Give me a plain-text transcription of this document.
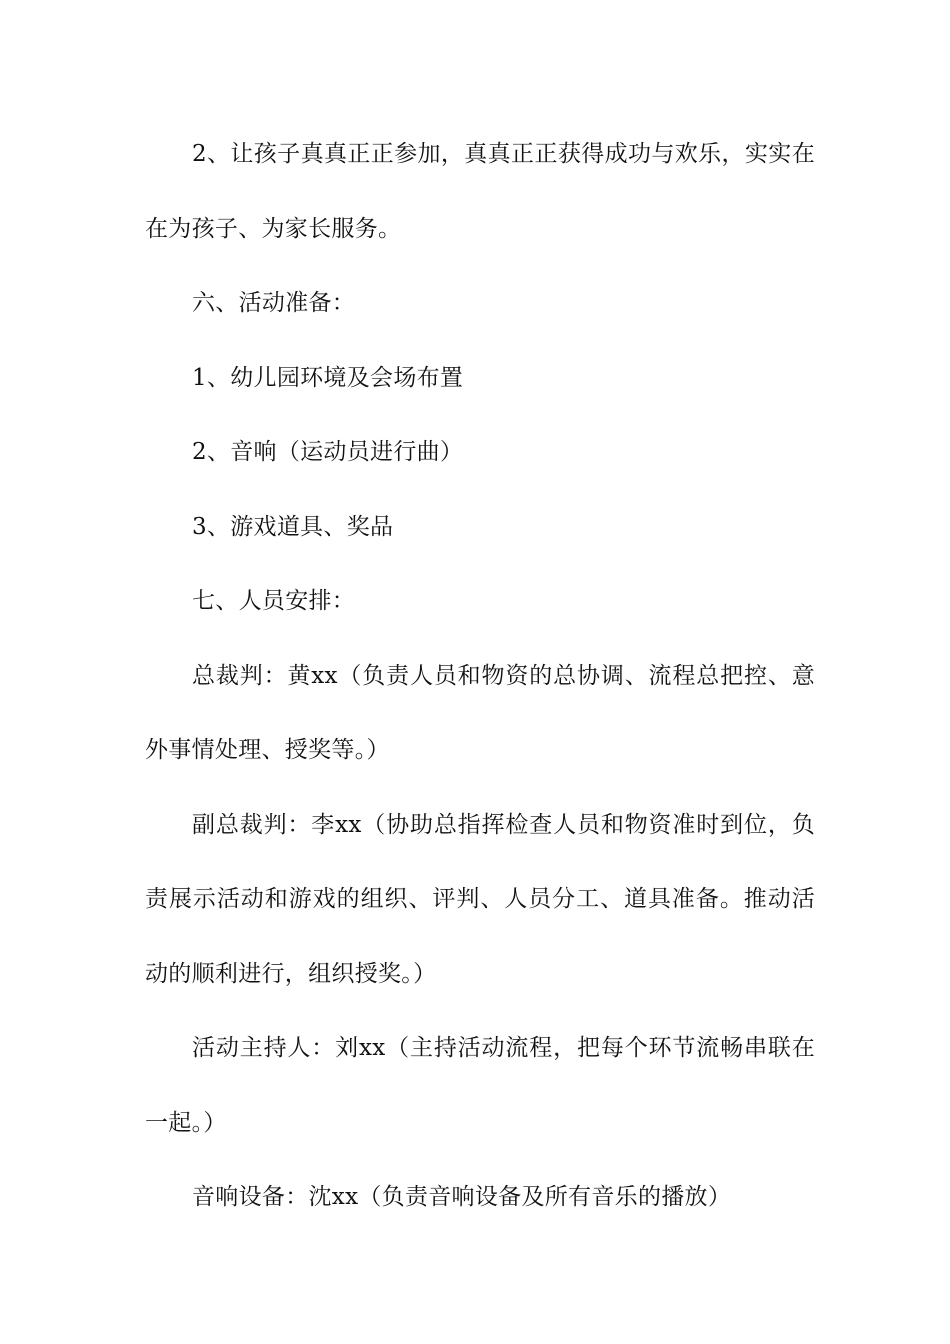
2、让孩子真真正正参加，真真正正获得成功与欢乐，实实在在为孩子、为家长服务。

六、活动准备：

1、幼儿园环境及会场布置

2、音响（运动员进行曲）

3、游戏道具、奖品

七、人员安排：

总裁判：黄xx（负责人员和物资的总协调、流程总把控、意外事情处理、授奖等。）

副总裁判：李xx（协助总指挥检查人员和物资准时到位，负责展示活动和游戏的组织、评判、人员分工、道具准备。推动活动的顺利进行，组织授奖。）

活动主持人：刘xx（主持活动流程，把每个环节流畅串联在一起。）

音响设备：沈xx（负责音响设备及所有音乐的播放）
